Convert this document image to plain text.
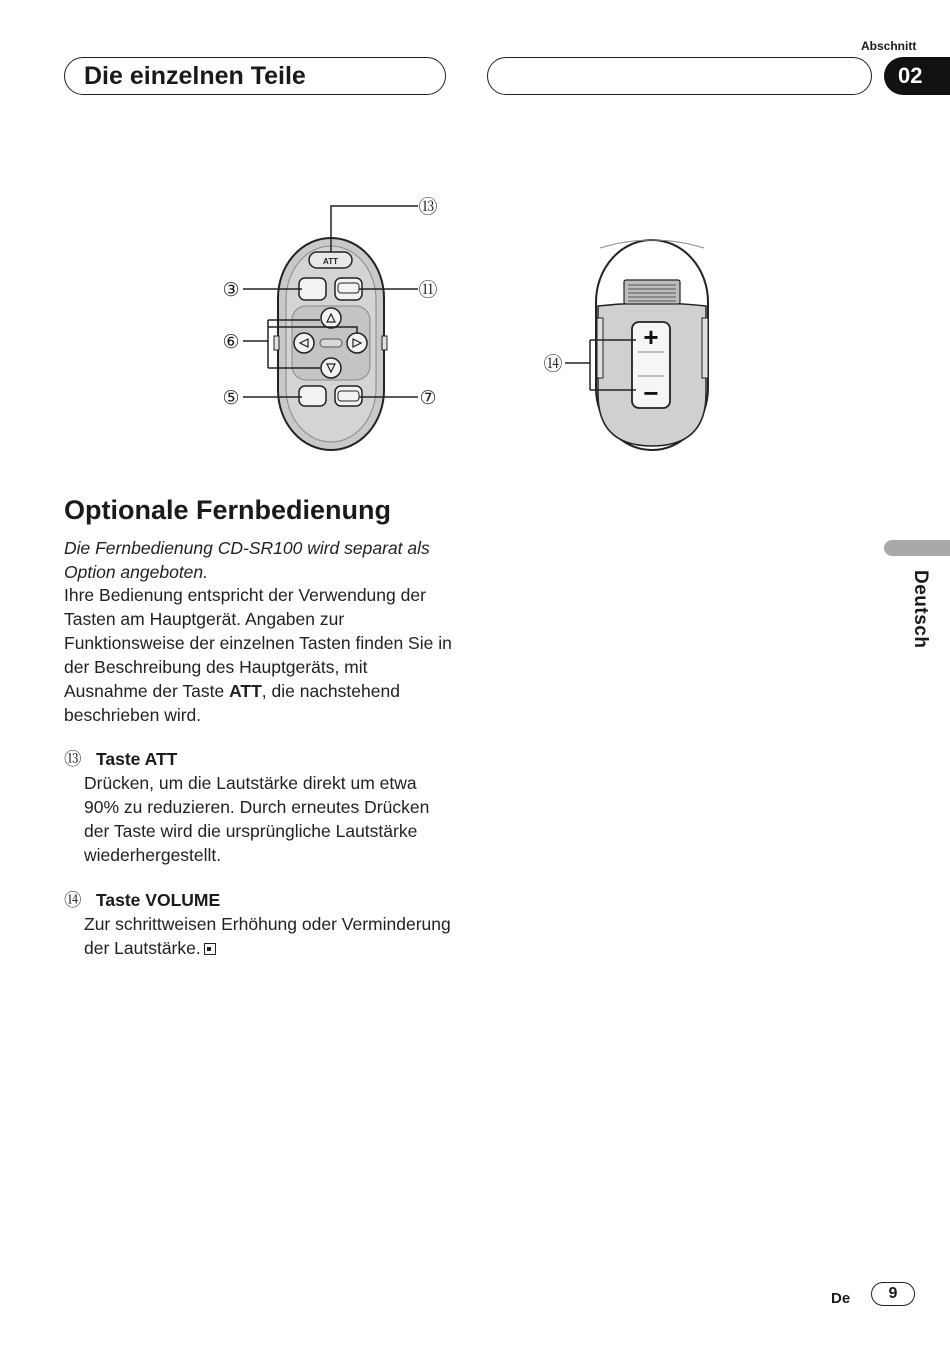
Die einzelnen Teile
Abschnitt
02
Deutsch
ATT
+
−
⑬
③	⑪
⑥
⑤	⑦
⑭
Optionale Fernbedienung
Die Fernbedienung CD-SR100 wird separat als Option angeboten.
Ihre Bedienung entspricht der Verwendung der Tasten am Hauptgerät. Angaben zur Funktionsweise der einzelnen Tasten finden Sie in der Beschreibung des Hauptgeräts, mit Ausnahme der Taste ATT, die nachstehend beschrieben wird.
⑬ Taste ATT
Drücken, um die Lautstärke direkt um etwa 90% zu reduzieren. Durch erneutes Drücken der Taste wird die ursprüngliche Lautstärke wiederhergestellt.
⑭ Taste VOLUME
Zur schrittweisen Erhöhung oder Verminderung der Lautstärke.
De	9
